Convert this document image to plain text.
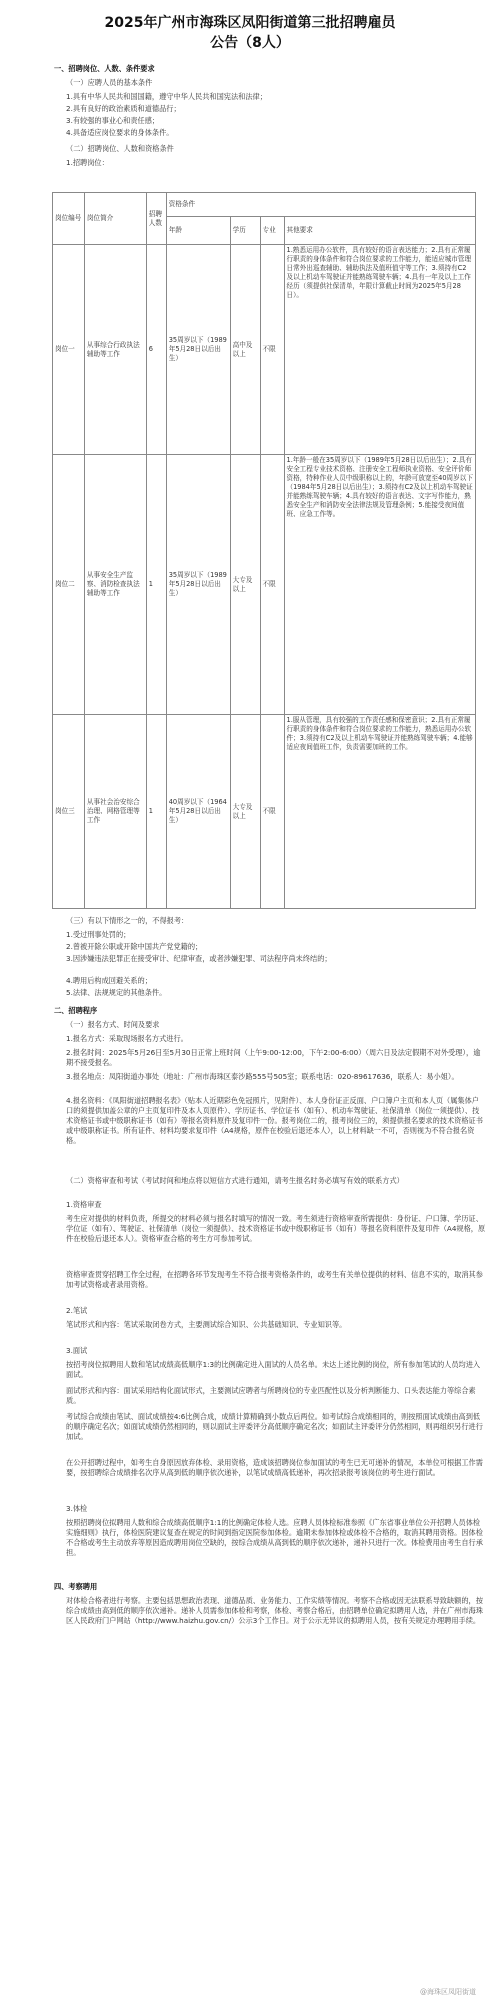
2025年广州市海珠区凤阳街道第三批招聘雇员
公告（8人）
一、招聘岗位、人数、条件要求
（一）应聘人员的基本条件
1.具有中华人民共和国国籍，遵守中华人民共和国宪法和法律；
2.具有良好的政治素质和道德品行；
3.有较强的事业心和责任感；
4.具备适应岗位要求的身体条件。
（二）招聘岗位、人数和资格条件
1.招聘岗位：
岗位编号	岗位简介	招聘人数	资格条件			

			年龄	学历	专业	其他要求

岗位一	从事综合行政执法辅助等工作	6	35周岁以下（1989年5月28日以后出生）	高中及以上	不限	1.熟悉运用办公软件，具有较好的语言表达能力；2.具有正常履行职责的身体条件和符合岗位要求的工作能力，能适应城市管理日常外出巡查辅助、辅助执法及值班值守等工作；3.须持有C2及以上机动车驾驶证并能熟练驾驶车辆；4.具有一年及以上工作经历（须提供社保清单，年限计算截止时间为2025年5月28日）。

岗位二	从事安全生产监察、消防检查执法辅助等工作	1	35周岁以下（1989年5月28日以后出生）	大专及以上	不限	1.年龄一般在35周岁以下（1989年5月28日以后出生）；2.具有安全工程专业技术资格、注册安全工程师执业资格、安全评价师资格，特种作业人员中级职称以上的，年龄可放宽至40周岁以下（1984年5月28日以后出生）；3.须持有C2及以上机动车驾驶证并能熟练驾驶车辆；4.具有较好的语言表达、文字写作能力，熟悉安全生产和消防安全法律法规及管理条例；5.能接受夜间值班、应急工作等。

岗位三	从事社会治安综合治理、网格管理等工作	1	40周岁以下（1964年5月28日以后出生）	大专及以上	不限	1.服从管理，具有较强的工作责任感和保密意识；2.具有正常履行职责的身体条件和符合岗位要求的工作能力，熟悉运用办公软件；3.须持有C2及以上机动车驾驶证并能熟练驾驶车辆；4.能够适应夜间值班工作，负责需要加班的工作。
（三）有以下情形之一的，不得报考：
1.受过刑事处罚的；
2.曾被开除公职或开除中国共产党党籍的；
3.因涉嫌违法犯罪正在接受审计、纪律审查，或者涉嫌犯罪、司法程序尚未终结的；
4.聘用后构成回避关系的；
5.法律、法规规定的其他条件。
二、招聘程序
（一）报名方式、时间及要求
1.报名方式：采取现场报名方式进行。
2.报名时间：2025年5月26日至5月30日正常上班时间（上午9:00-12:00，下午2:00-6:00）（周六日及法定假期不对外受理），逾期不接受报名。
3.报名地点：凤阳街道办事处（地址：广州市海珠区泰沙路555号505室；联系电话：020-89617636，联系人：易小姐）。
4.报名资料：《凤阳街道招聘报名表》（贴本人近期彩色免冠照片，见附件）、本人身份证正反面、户口簿户主页和本人页（属集体户口的须提供加盖公章的户主页复印件及本人页原件）、学历证书、学位证书（如有）、机动车驾驶证、社保清单（岗位一须提供）、技术资格证书或中级职称证书（如有）等报名资料原件及复印件一份。报考岗位二的，报考岗位三的，须提供报名要求的技术资格证书或中级职称证书。所有证件、材料均要求复印件（A4规格，原件在校验后退还本人），以上材料缺一不可，否则视为不符合报名资格。
（二）资格审查和考试（考试时间和地点将以短信方式进行通知，请考生报名时务必填写有效的联系方式）
1.资格审查
考生应对提供的材料负责，所提交的材料必须与报名时填写的情况一致。考生须进行资格审查所需提供：身份证、户口簿、学历证、学位证（如有）、驾驶证、社保清单（岗位一须提供）、技术资格证书或中级职称证书（如有）等报名资料原件及复印件（A4规格，原件在校验后退还本人）。资格审查合格的考生方可参加考试。
资格审查贯穿招聘工作全过程，在招聘各环节发现考生不符合报考资格条件的，或考生有关单位提供的材料、信息不实的，取消其参加考试资格或者录用资格。
2.笔试
笔试形式和内容：笔试采取闭卷方式，主要测试综合知识、公共基础知识、专业知识等。
3.面试
按招考岗位拟聘用人数和笔试成绩高低顺序1:3的比例确定进入面试的人员名单。未达上述比例的岗位，所有参加笔试的人员均进入面试。
面试形式和内容：面试采用结构化面试形式，主要测试应聘者与所聘岗位的专业匹配性以及分析判断能力、口头表达能力等综合素质。
考试综合成绩由笔试、面试成绩按4:6比例合成，成绩计算精确到小数点后两位。如考试综合成绩相同的，则按照面试成绩由高到低的顺序确定名次；如面试成绩仍然相同的，则以面试主评委评分高低顺序确定名次；如面试主评委评分仍然相同，则再组织另行进行加试。
在公开招聘过程中，如考生自身原因放弃体检、录用资格，造成该招聘岗位参加面试的考生已无可递补的情况，本单位可根据工作需要，按招聘综合成绩排名次序从高到低的顺序依次递补，以笔试成绩高低递补，再次招录报考该岗位的考生进行面试。
3.体检
按照招聘岗位拟聘用人数和综合成绩高低顺序1:1的比例确定体检人选。应聘人员体检标准参照《广东省事业单位公开招聘人员体检实施细则》执行，体检医院建议复查在规定的时间到指定医院参加体检。逾期未参加体检或体检不合格的，取消其聘用资格。因体检不合格或考生主动放弃等原因造成聘用岗位空缺的，按综合成绩从高到低的顺序依次递补，递补只进行一次。体检费用由考生自行承担。
四、考察聘用
对体检合格者进行考察。主要包括思想政治表现、道德品质、业务能力、工作实绩等情况。考察不合格或因无法联系导致缺额的，按综合成绩由高到低的顺序依次递补。递补人员需参加体检和考察，体检、考察合格后，由招聘单位确定拟聘用人选，并在广州市海珠区人民政府门户网站（http://www.haizhu.gov.cn/）公示3个工作日。对于公示无异议的拟聘用人员，按有关规定办理聘用手续。
@海珠区凤阳街道
